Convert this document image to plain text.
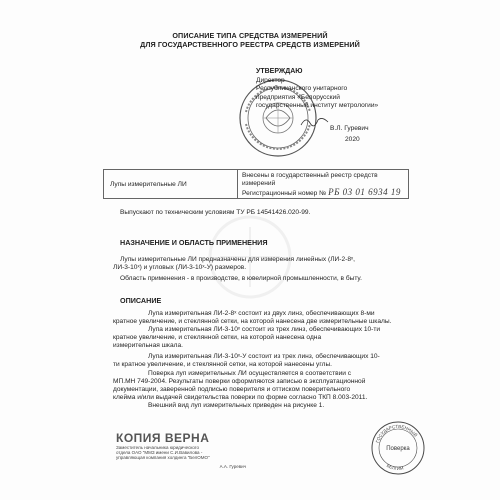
ОПИСАНИЕ ТИПА СРЕДСТВА ИЗМЕРЕНИЙ
ДЛЯ ГОСУДАРСТВЕННОГО РЕЕСТРА СРЕДСТВ ИЗМЕРЕНИЙ
УТВЕРЖДАЮ
Директор
Республиканского унитарного
предприятия «Белорусский
государственный институт метрологии»
В.Л. Гуревич
2020
Лупы измерительные ЛИ
Внесены в государственный реестр средств
измерений
Регистрационный номер № РБ 03 01 6934 19
Выпускают по техническим условиям ТУ РБ 14541426.020-99.
НАЗНАЧЕНИЕ И ОБЛАСТЬ ПРИМЕНЕНИЯ
Лупы измерительные ЛИ предназначены для измерения линейных (ЛИ-2-8ˣ,
ЛИ-3-10ˣ) и угловых (ЛИ-3-10ˣ-У) размеров.
Область применения - в производстве, в ювелирной промышленности, в быту.
ОПИСАНИЕ
Лупа измерительная ЛИ-2-8ˣ состоит из двух линз, обеспечивающих 8-ми
кратное увеличение, и стеклянной сетки, на которой нанесена две измерительные шкалы.
Лупа измерительная ЛИ-3-10ˣ состоит из трех линз, обеспечивающих 10-ти
кратное увеличение, и стеклянной сетки, на которой нанесена одна
измерительная шкала.
Лупа измерительная ЛИ-3-10ˣ-У состоит из трех линз, обеспечивающих 10-
ти кратное увеличение, и стеклянной сетки, на которой нанесены углы.
Поверка луп измерительных ЛИ осуществляется в соответствии с
МП.МН 749-2004. Результаты поверки оформляются записью в эксплуатационной
документации, заверенной подписью поверителя и оттиском поверительного
клейма и/или выдачей свидетельства поверки по форме согласно ТКП 8.003-2011.
Внешний вид луп измерительных приведен на рисунке 1.
КОПИЯ ВЕРНА
Заместитель начальника юридического
отдела ОАО "ММЗ имени С.И.Вавилова -
управляющая компания холдинга "БелОМО"
А.А. Гуревич
ГОСУДАРСТВЕННЫЙ
БЕЛГИМ
Поверка
